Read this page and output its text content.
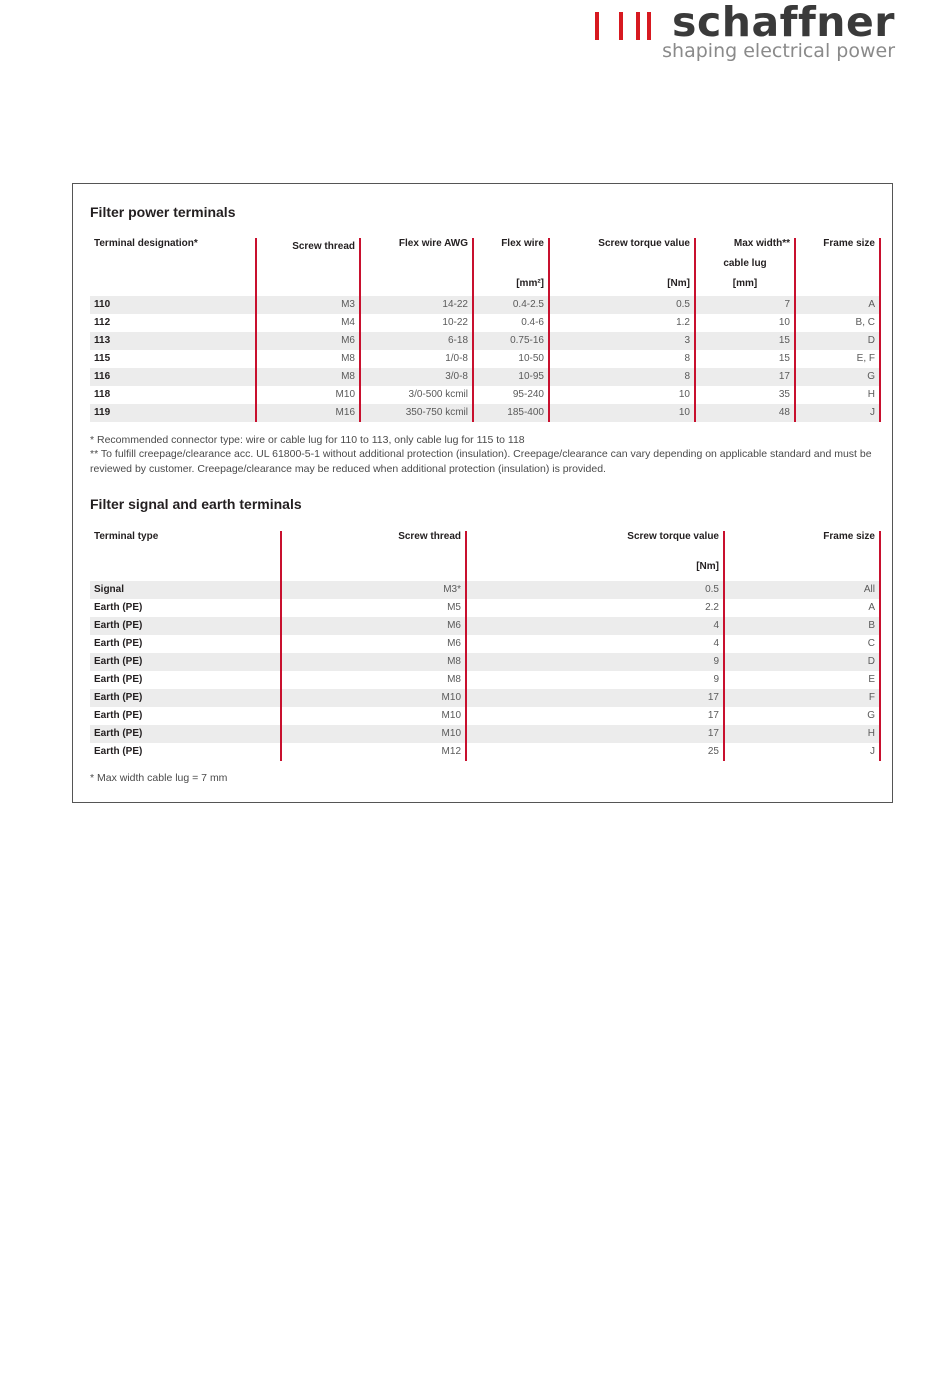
schaffner
shaping electrical power
Filter power terminals
Terminal designation*	Screw thread	Flex wire AWG	Flex wire	Screw torque value	Max width**	Frame size
					cable lug	
			[mm²]	[Nm]	[mm]	
110	M3	14-22	0.4-2.5	0.5	7	A
112	M4	10-22	0.4-6	1.2	10	B, C
113	M6	6-18	0.75-16	3	15	D
115	M8	1/0-8	10-50	8	15	E, F
116	M8	3/0-8	10-95	8	17	G
118	M10	3/0-500 kcmil	95-240	10	35	H
119	M16	350-750 kcmil	185-400	10	48	J
* Recommended connector type: wire or cable lug for 110 to 113, only cable lug for 115 to 118
** To fulfill creepage/clearance acc. UL 61800-5-1 without additional protection (insulation). Creepage/clearance can vary depending on applicable standard and must be reviewed by customer. Creepage/clearance may be reduced when additional protection (insulation) is provided.
Filter signal and earth terminals
Terminal type	Screw thread	Screw torque value	Frame size
		[Nm]	
Signal	M3*	0.5	All
Earth (PE)	M5	2.2	A
Earth (PE)	M6	4	B
Earth (PE)	M6	4	C
Earth (PE)	M8	9	D
Earth (PE)	M8	9	E
Earth (PE)	M10	17	F
Earth (PE)	M10	17	G
Earth (PE)	M10	17	H
Earth (PE)	M12	25	J
* Max width cable lug = 7 mm
